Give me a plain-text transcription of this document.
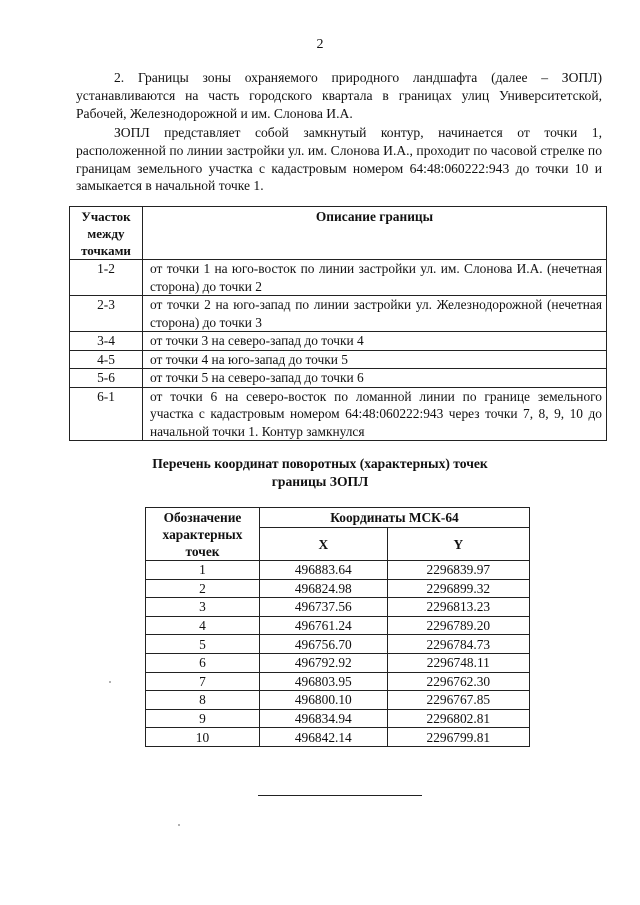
2

2. Границы зоны охраняемого природного ландшафта (далее – ЗОПЛ) устанавливаются на часть городского квартала в границах улиц Университетской, Рабочей, Железнодорожной и им. Слонова И.А.

ЗОПЛ представляет собой замкнутый контур, начинается от точки 1, расположенной по линии застройки ул. им. Слонова И.А., проходит по часовой стрелке по границам земельного участка с кадастровым номером 64:48:060222:943 до точки 10 и замыкается в начальной точке 1.

Участок между точками	Описание границы
1-2	от точки 1 на юго-восток по линии застройки ул. им. Слонова И.А. (нечетная сторона) до точки 2
2-3	от точки 2 на юго-запад по линии застройки ул. Железнодорожной (нечетная сторона) до точки 3
3-4	от точки 3 на северо-запад до точки 4
4-5	от точки 4 на юго-запад до точки 5
5-6	от точки 5 на северо-запад до точки 6
6-1	от точки 6 на северо-восток по ломанной линии по границе земельного участка с кадастровым номером 64:48:060222:943 через точки 7, 8, 9, 10 до начальной точки 1. Контур замкнулся

Перечень координат поворотных (характерных) точек
границы ЗОПЛ

Обозначение характерных точек	Координаты МСК-64	
	X	Y
1	496883.64	2296839.97
2	496824.98	2296899.32
3	496737.56	2296813.23
4	496761.24	2296789.20
5	496756.70	2296784.73
6	496792.92	2296748.11
7	496803.95	2296762.30
8	496800.10	2296767.85
9	496834.94	2296802.81
10	496842.14	2296799.81
